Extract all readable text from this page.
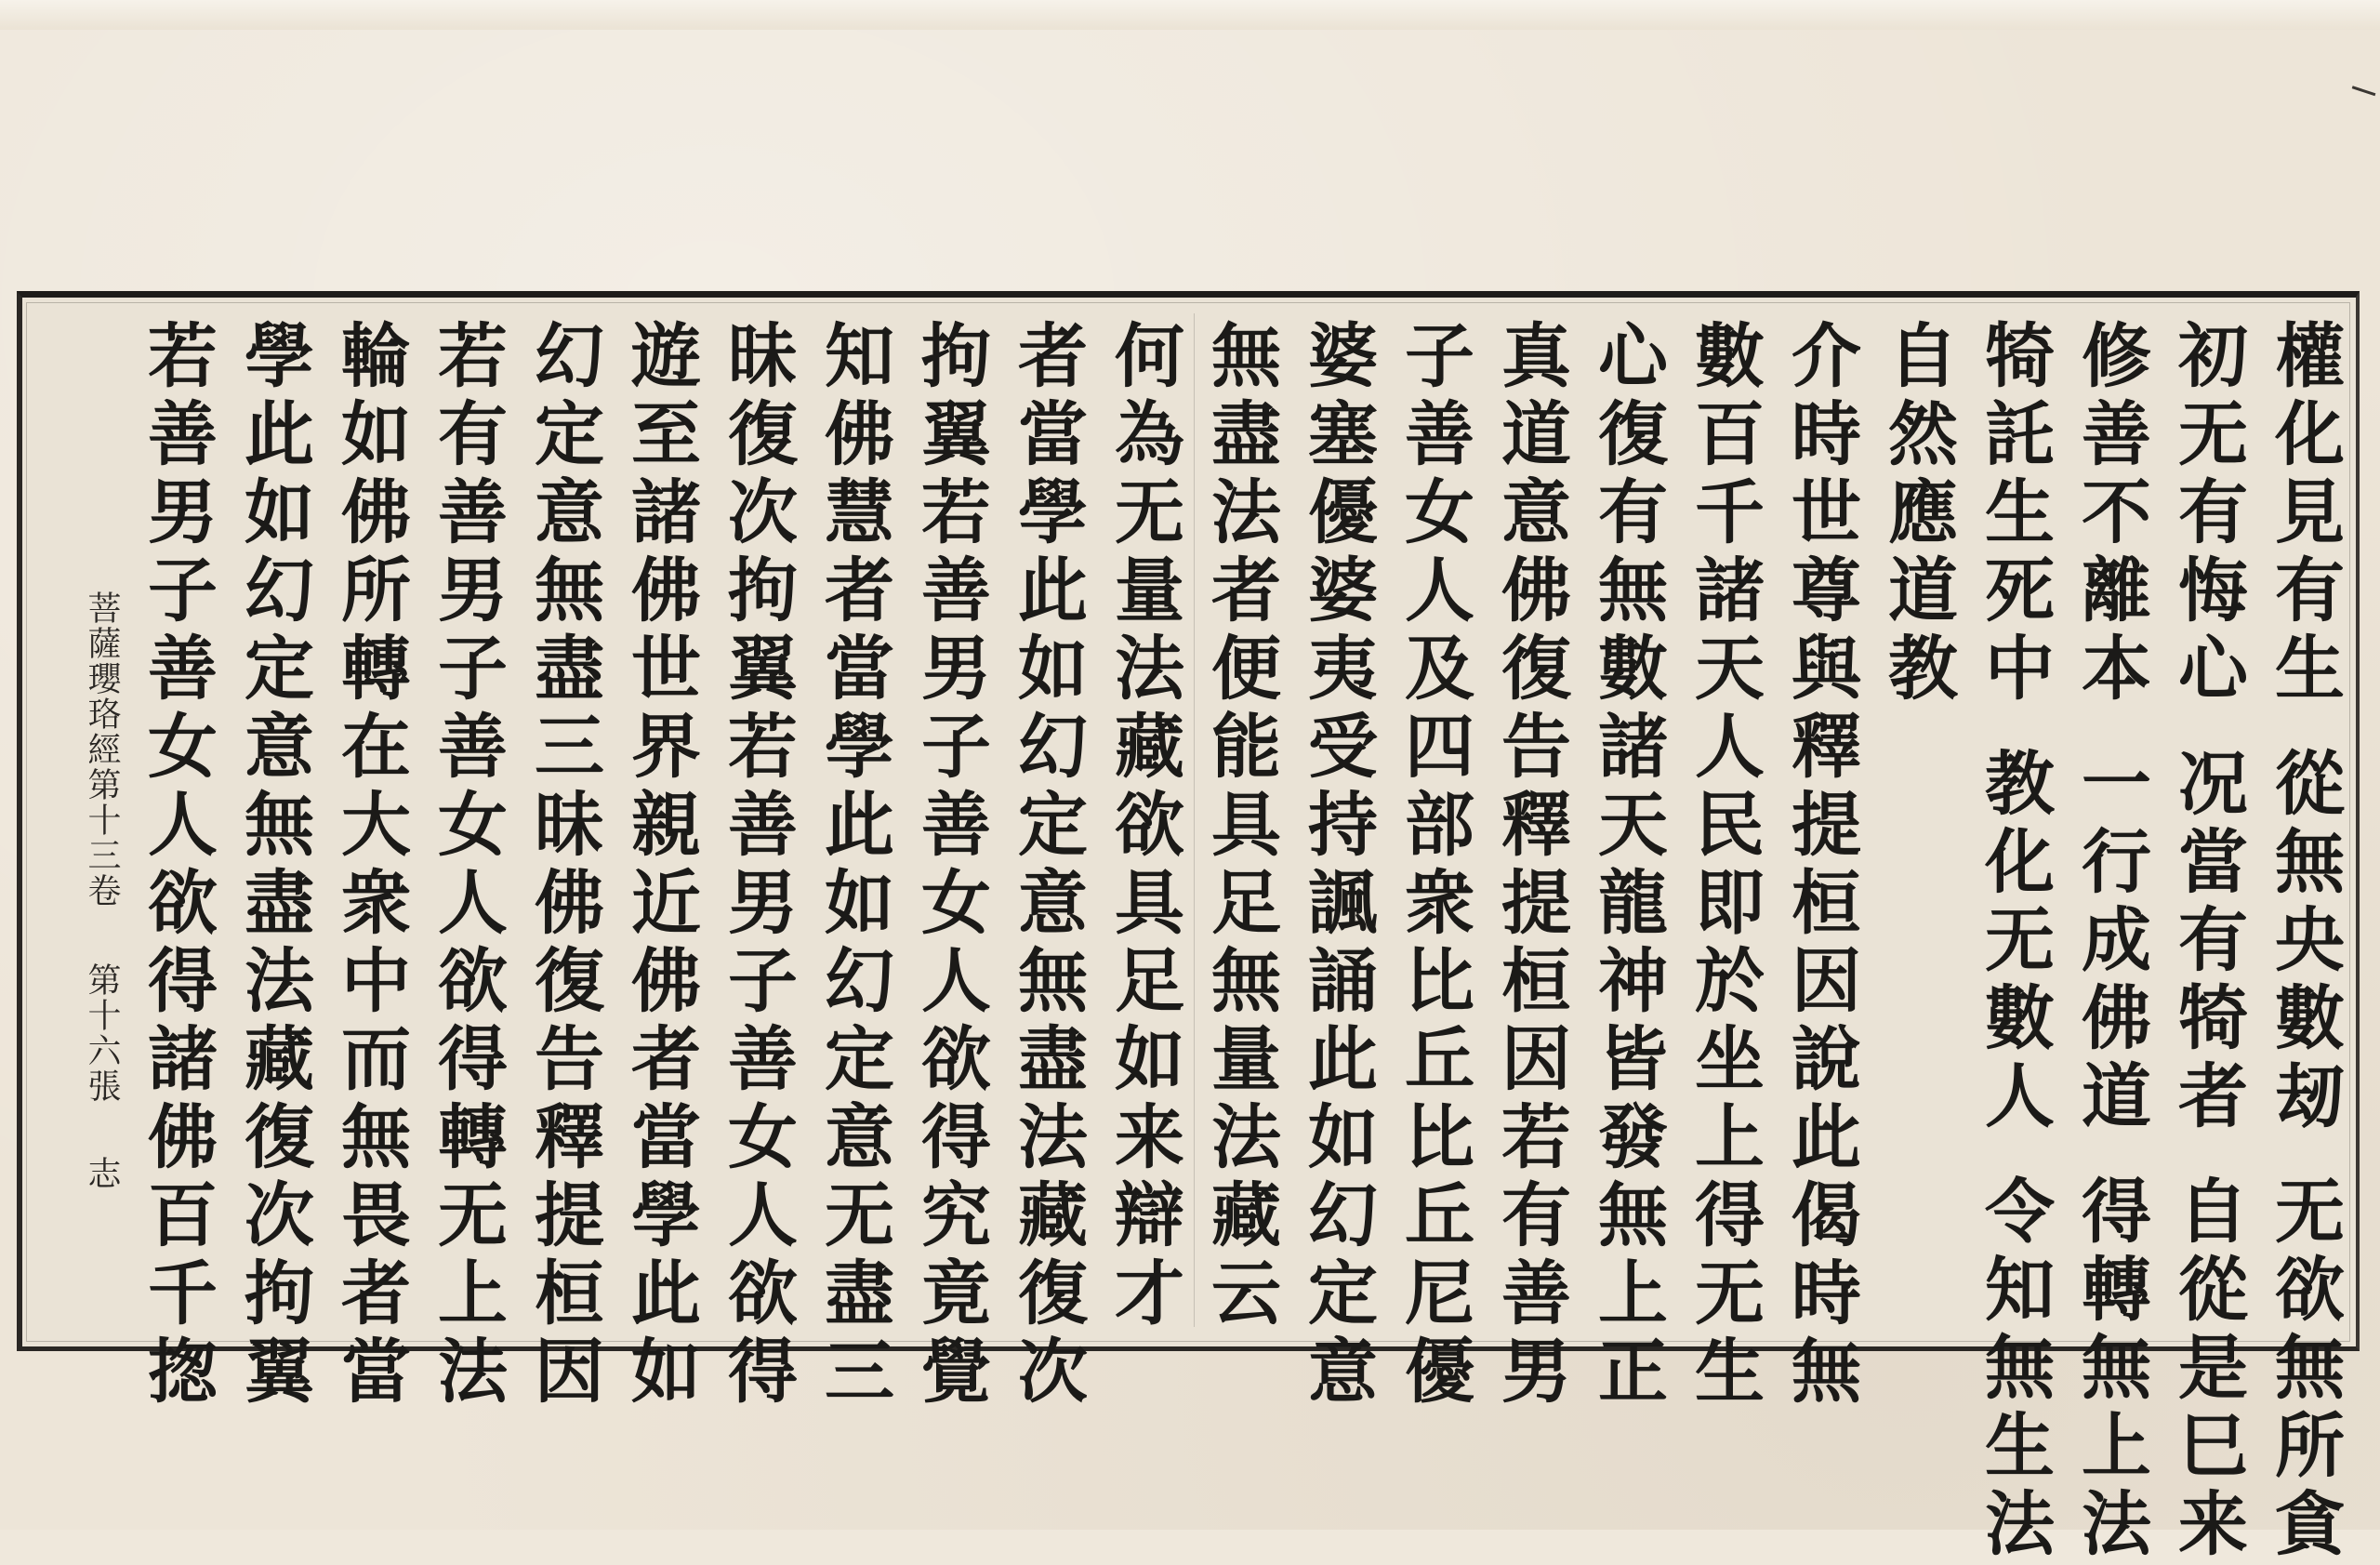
權化見有生從無央數刼无欲無所貪
初无有悔心况當有犄者自從是巳来
修善不離本一行成佛道得轉無上法
犄託生死中教化无數人令知無生法
自然應道教
介時世尊與釋提桓因說此偈時無
數百千諸天人民即於坐上得无生
心復有無數諸天龍神皆發無上正
真道意佛復告釋提桓因若有善男
子善女人及四部衆比丘比丘尼優
婆塞優婆夷受持諷誦此如幻定意
無盡法者便能具足無量法藏云
何為无量法藏欲具足如来辯才
者當學此如幻定意無盡法藏復次
拘翼若善男子善女人欲得究竟覺
知佛慧者當學此如幻定意无盡三
昧復次拘翼若善男子善女人欲得
遊至諸佛世界親近佛者當學此如
幻定意無盡三昧佛復告釋提桓因
若有善男子善女人欲得轉无上法
輪如佛所轉在大衆中而無畏者當
學此如幻定意無盡法藏復次拘翼
若善男子善女人欲得諸佛百千揔
菩薩瓔珞經第十三卷
第十六張
志
